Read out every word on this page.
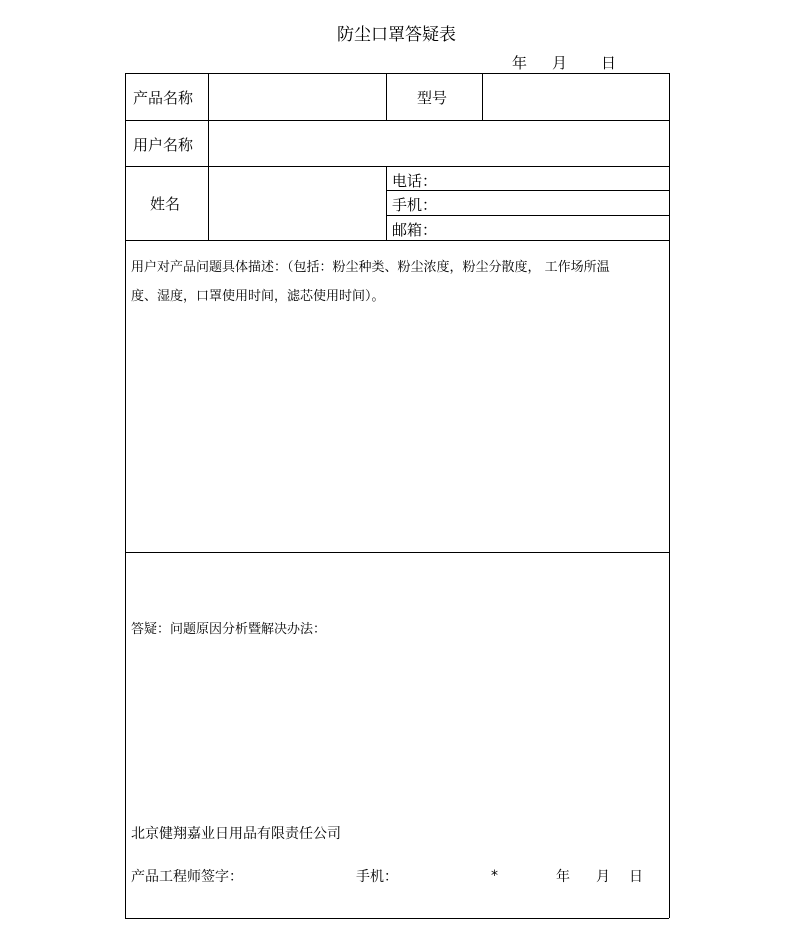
防尘口罩答疑表
年 月 日
产品名称	型号
用户名称
姓名
电话：
手机：
邮箱：
用户对产品问题具体描述：（包括：粉尘种类、粉尘浓度，粉尘分散度， 工作场所温
度、湿度，口罩使用时间，滤芯使用时间）。
答疑：问题原因分析暨解决办法：
北京健翔嘉业日用品有限责任公司
产品工程师签字：	手机：	*	年 月 日
